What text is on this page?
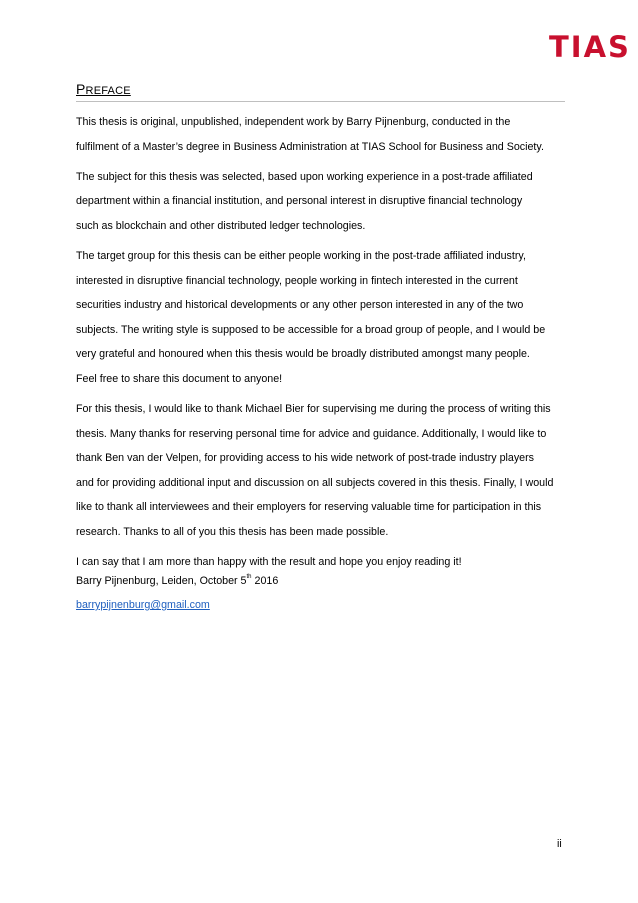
TIAS
PREFACE

This thesis is original, unpublished, independent work by Barry Pijnenburg, conducted in the
fulfilment of a Master’s degree in Business Administration at TIAS School for Business and Society.

The subject for this thesis was selected, based upon working experience in a post-trade affiliated
department within a financial institution, and personal interest in disruptive financial technology
such as blockchain and other distributed ledger technologies.

The target group for this thesis can be either people working in the post-trade affiliated industry,
interested in disruptive financial technology, people working in fintech interested in the current
securities industry and historical developments or any other person interested in any of the two
subjects. The writing style is supposed to be accessible for a broad group of people, and I would be
very grateful and honoured when this thesis would be broadly distributed amongst many people.
Feel free to share this document to anyone!

For this thesis, I would like to thank Michael Bier for supervising me during the process of writing this
thesis. Many thanks for reserving personal time for advice and guidance. Additionally, I would like to
thank Ben van der Velpen, for providing access to his wide network of post-trade industry players
and for providing additional input and discussion on all subjects covered in this thesis. Finally, I would
like to thank all interviewees and their employers for reserving valuable time for participation in this
research. Thanks to all of you this thesis has been made possible.

I can say that I am more than happy with the result and hope you enjoy reading it!

Barry Pijnenburg, Leiden, October 5th 2016
barrypijnenburg@gmail.com
ii
